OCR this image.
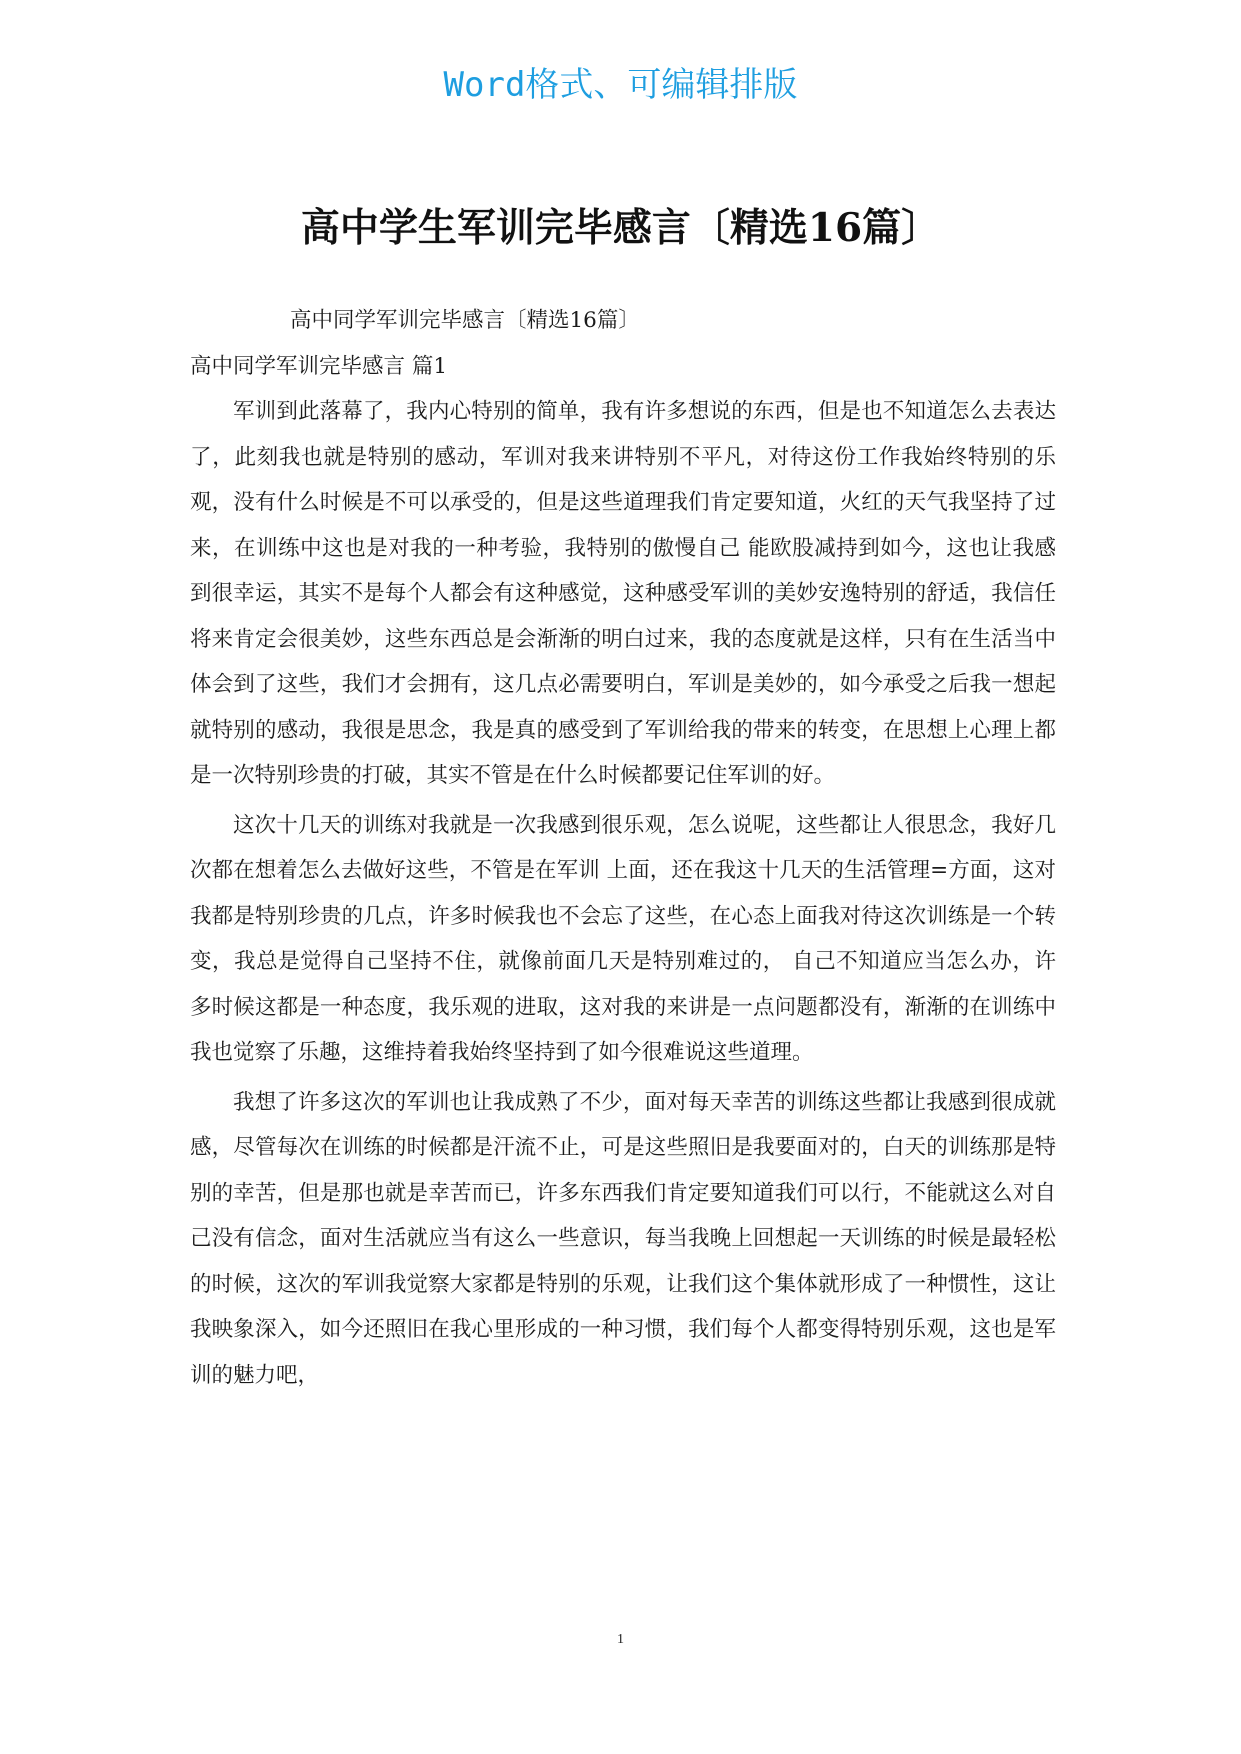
Word格式、可编辑排版
高中学生军训完毕感言〔精选16篇〕

高中同学军训完毕感言〔精选16篇〕

高中同学军训完毕感言 篇1

军训到此落幕了，我内心特别的简单，我有许多想说的东西，但是也不知道怎么去表达了，此刻我也就是特别的感动，军训对我来讲特别不平凡，对待这份工作我始终特别的乐观，没有什么时候是不可以承受的，但是这些道理我们肯定要知道，火红的天气我坚持了过来，在训练中这也是对我的一种考验，我特别的傲慢自己 能欧股减持到如今，这也让我感到很幸运，其实不是每个人都会有这种感觉，这种感受军训的美妙安逸特别的舒适，我信任将来肯定会很美妙，这些东西总是会渐渐的明白过来，我的态度就是这样，只有在生活当中体会到了这些，我们才会拥有，这几点必需要明白，军训是美妙的，如今承受之后我一想起就特别的感动，我很是思念，我是真的感受到了军训给我的带来的转变，在思想上心理上都是一次特别珍贵的打破，其实不管是在什么时候都要记住军训的好。

这次十几天的训练对我就是一次我感到很乐观，怎么说呢，这些都让人很思念，我好几次都在想着怎么去做好这些，不管是在军训 上面，还在我这十几天的生活管理=方面，这对我都是特别珍贵的几点，许多时候我也不会忘了这些，在心态上面我对待这次训练是一个转变，我总是觉得自己坚持不住，就像前面几天是特别难过的， 自己不知道应当怎么办，许多时候这都是一种态度，我乐观的进取，这对我的来讲是一点问题都没有，渐渐的在训练中我也觉察了乐趣，这维持着我始终坚持到了如今很难说这些道理。

我想了许多这次的军训也让我成熟了不少，面对每天幸苦的训练这些都让我感到很成就感，尽管每次在训练的时候都是汗流不止，可是这些照旧是我要面对的，白天的训练那是特别的幸苦，但是那也就是幸苦而已，许多东西我们肯定要知道我们可以行，不能就这么对自己没有信念，面对生活就应当有这么一些意识，每当我晚上回想起一天训练的时候是最轻松的时候，这次的军训我觉察大家都是特别的乐观，让我们这个集体就形成了一种惯性，这让我映象深入，如今还照旧在我心里形成的一种习惯，我们每个人都变得特别乐观，这也是军训的魅力吧，

1
